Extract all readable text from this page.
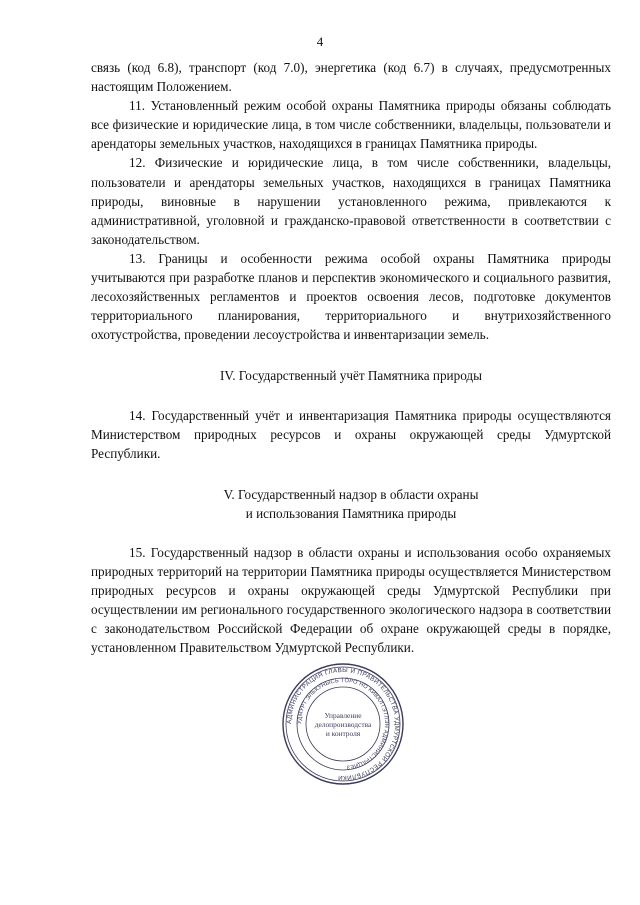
4

связь (код 6.8), транспорт (код 7.0), энергетика (код 6.7) в случаях, предусмотренных настоящим Положением.

11. Установленный режим особой охраны Памятника природы обязаны соблюдать все физические и юридические лица, в том числе собственники, владельцы, пользователи и арендаторы земельных участков, находящихся в границах Памятника природы.

12. Физические и юридические лица, в том числе собственники, владельцы, пользователи и арендаторы земельных участков, находящихся в границах Памятника природы, виновные в нарушении установленного режима, привлекаются к административной, уголовной и гражданско-правовой ответственности в соответствии с законодательством.

13. Границы и особенности режима особой охраны Памятника природы учитываются при разработке планов и перспектив экономического и социального развития, лесохозяйственных регламентов и проектов освоения лесов, подготовке документов территориального планирования, территориального и внутрихозяйственного охотустройства, проведении лесоустройства и инвентаризации земель.

IV. Государственный учёт Памятника природы

14. Государственный учёт и инвентаризация Памятника природы осуществляются Министерством природных ресурсов и охраны окружающей среды Удмуртской Республики.

V. Государственный надзор в области охраны
и использования Памятника природы

15. Государственный надзор в области охраны и использования особо охраняемых природных территорий на территории Памятника природы осуществляется Министерством природных ресурсов и охраны окружающей среды Удмуртской Республики при осуществлении им регионального государственного экологического надзора в соответствии с законодательством Российской Федерации об охране окружающей среды в порядке, установленном Правительством Удмуртской Республики.

АДМИНИСТРАЦИЯ ГЛАВЫ И ПРАВИТЕЛЬСТВА УДМУРТСКОЙ РЕСПУБЛИКИ
УДМУРТ ЭЛЬКУНЫСЬ ТӦРО НО КИВАЛТЭТЛЭН АДМИНИСТРАЦИЕЗ
Управление
делопроизводства
и контроля
